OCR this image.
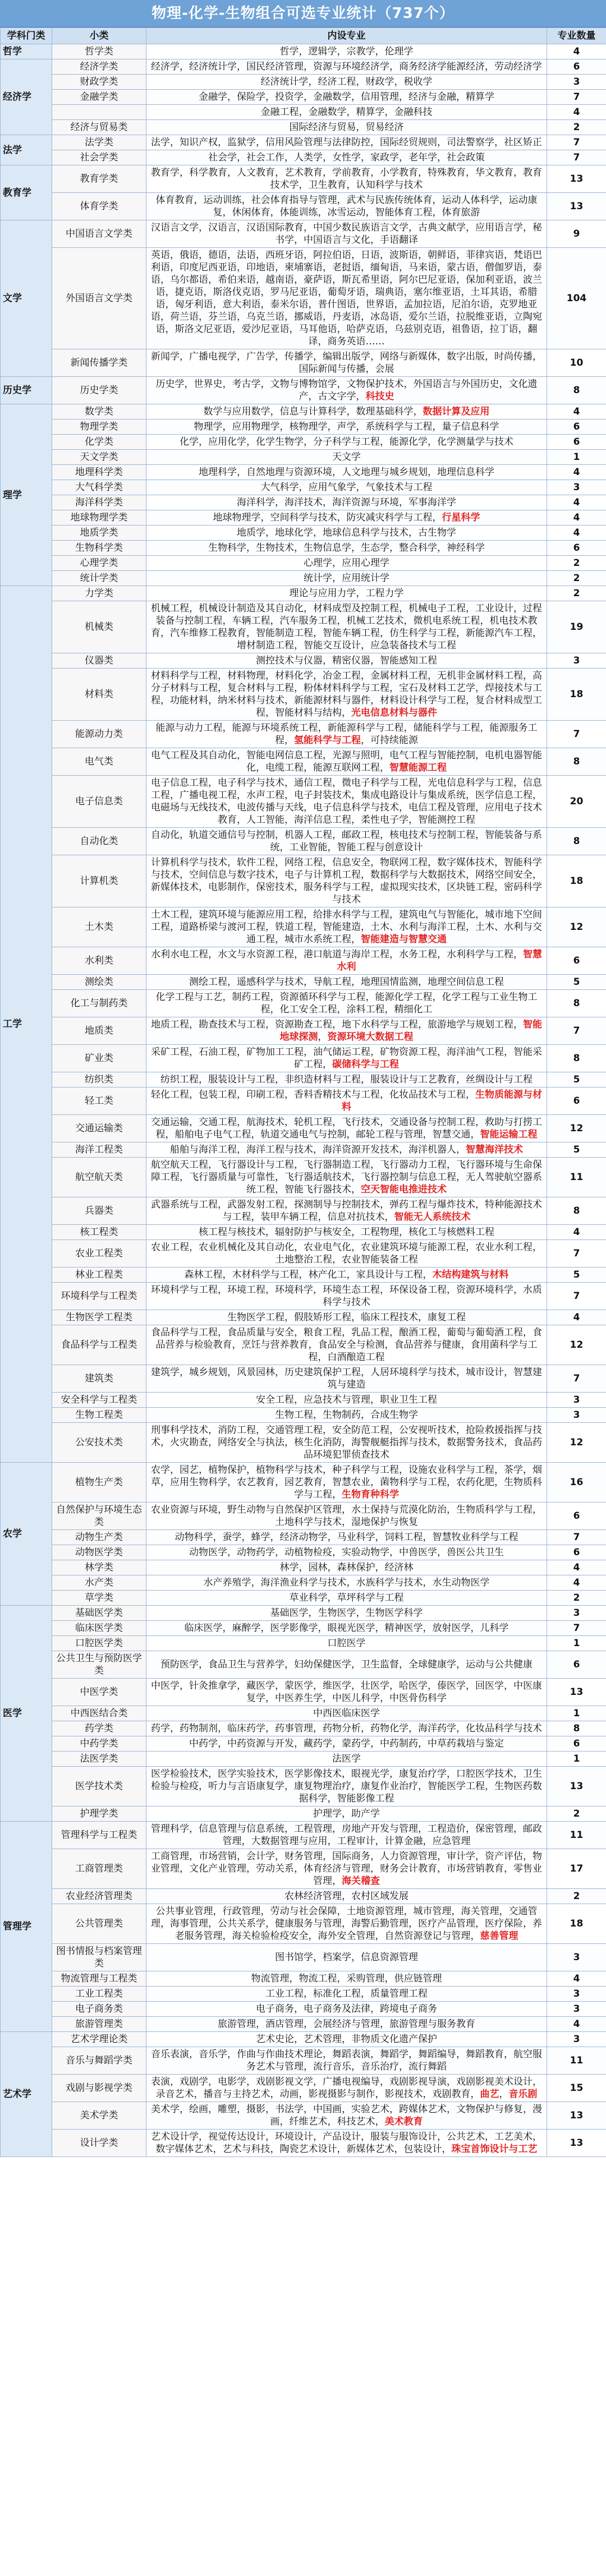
物理-化学-生物组合可选专业统计（737个）
学科门类	小类	内设专业	专业数量
哲学	哲学类	哲学，逻辑学，宗教学，伦理学	4
经济学	经济学类	经济学，经济统计学，国民经济管理，资源与环境经济学，商务经济学能源经济，劳动经济学	6
	财政学类	经济统计学，经济工程，财政学，税收学	3
	金融学类	金融学，保险学，投资学，金融数学，信用管理，经济与金融，精算学	7
		金融工程，金融数学，精算学，金融科技	4
	经济与贸易类	国际经济与贸易，贸易经济	2
法学	法学类	法学，知识产权，监狱学，信用风险管理与法律防控，国际经贸规则，司法警察学，社区矫正	7
	社会学类	社会学，社会工作，人类学，女性学，家政学，老年学，社会政策	7
教育学	教育学类	教育学，科学教育，人文教育，艺术教育，学前教育，小学教育，特殊教育，华文教育，教育技术学，卫生教育，认知科学与技术	13
	体育学类	体育教育，运动训练，社会体育指导与管理，武术与民族传统体育，运动人体科学，运动康复，休闲体育，体能训练，冰雪运动，智能体育工程，体育旅游	13
文学	中国语言文学类	汉语言文学，汉语言，汉语国际教育，中国少数民族语言文学，古典文献学，应用语言学，秘书学，中国语言与文化，手语翻译	9
	外国语言文学类	英语，俄语，德语，法语，西班牙语，阿拉伯语，日语，波斯语，朝鲜语，菲律宾语，梵语巴利语，印度尼西亚语，印地语，柬埔寨语，老挝语，缅甸语，马来语，蒙古语，僧伽罗语，泰语，乌尔都语，希伯来语，越南语，豪萨语，斯瓦希里语，阿尔巴尼亚语，保加利亚语，波兰语，捷克语，斯洛伐克语，罗马尼亚语，葡萄牙语，瑞典语，塞尔维亚语，土耳其语，希腊语，匈牙利语，意大利语，泰米尔语，普什图语，世界语，孟加拉语，尼泊尔语，克罗地亚语，荷兰语，芬兰语，乌克兰语，挪威语，丹麦语，冰岛语，爱尔兰语，拉脱维亚语，立陶宛语，斯洛文尼亚语，爱沙尼亚语，马耳他语，哈萨克语，乌兹别克语，祖鲁语，拉丁语，翻译，商务英语……	104
	新闻传播学类	新闻学，广播电视学，广告学，传播学，编辑出版学，网络与新媒体，数字出版，时尚传播，国际新闻与传播，会展	10
历史学	历史学类	历史学，世界史，考古学，文物与博物馆学，文物保护技术，外国语言与外国历史，文化遗产，古文字学，科技史	8
理学	数学类	数学与应用数学，信息与计算科学，数理基础科学，数据计算及应用	4
	物理学类	物理学，应用物理学，核物理学，声学，系统科学与工程，量子信息科学	6
	化学类	化学，应用化学，化学生物学，分子科学与工程，能源化学，化学测量学与技术	6
	天文学类	天文学	1
	地理科学类	地理科学，自然地理与资源环境，人文地理与城乡规划，地理信息科学	4
	大气科学类	大气科学，应用气象学，气象技术与工程	3
	海洋科学类	海洋科学，海洋技术，海洋资源与环境，军事海洋学	4
	地球物理学类	地球物理学，空间科学与技术，防灾减灾科学与工程，行星科学	4
	地质学类	地质学，地球化学，地球信息科学与技术，古生物学	4
	生物科学类	生物科学，生物技术，生物信息学，生态学，整合科学，神经科学	6
	心理学类	心理学，应用心理学	2
	统计学类	统计学，应用统计学	2
工学	力学类	理论与应用力学，工程力学	2
	机械类	机械工程，机械设计制造及其自动化，材料成型及控制工程，机械电子工程，工业设计，过程装备与控制工程，车辆工程，汽车服务工程，机械工艺技术，微机电系统工程，机电技术教育，汽车维修工程教育，智能制造工程，智能车辆工程，仿生科学与工程，新能源汽车工程，增材制造工程，智能交互设计，应急装备技术与工程	19
	仪器类	测控技术与仪器，精密仪器，智能感知工程	3
	材料类	材料科学与工程，材料物理，材料化学，冶金工程，金属材料工程，无机非金属材料工程，高分子材料与工程，复合材料与工程，粉体材料科学与工程，宝石及材料工艺学，焊接技术与工程，功能材料，纳米材料与技术，新能源材料与器件，材料设计科学与工程，复合材料成型工程，智能材料与结构，光电信息材料与器件	18
	能源动力类	能源与动力工程，能源与环境系统工程，新能源科学与工程，储能科学与工程，能源服务工程，氢能科学与工程，可持续能源	7
	电气类	电气工程及其自动化，智能电网信息工程，光源与照明，电气工程与智能控制，电机电器智能化，电缆工程，能源互联网工程，智慧能源工程	8
	电子信息类	电子信息工程，电子科学与技术，通信工程，微电子科学与工程，光电信息科学与工程，信息工程，广播电视工程，水声工程，电子封装技术，集成电路设计与集成系统，医学信息工程，电磁场与无线技术，电波传播与天线，电子信息科学与技术，电信工程及管理，应用电子技术教育，人工智能，海洋信息工程，柔性电子学，智能测控工程	20
	自动化类	自动化，轨道交通信号与控制，机器人工程，邮政工程，核电技术与控制工程，智能装备与系统，工业智能，智能工程与创意设计	8
	计算机类	计算机科学与技术，软件工程，网络工程，信息安全，物联网工程，数字媒体技术，智能科学与技术，空间信息与数字技术，电子与计算机工程，数据科学与大数据技术，网络空间安全，新媒体技术，电影制作，保密技术，服务科学与工程，虚拟现实技术，区块链工程，密码科学与技术	18
	土木类	土木工程，建筑环境与能源应用工程，给排水科学与工程，建筑电气与智能化，城市地下空间工程，道路桥梁与渡河工程，铁道工程，智能建造，土木、水利与海洋工程，土木、水利与交通工程，城市水系统工程，智能建造与智慧交通	12
	水利类	水利水电工程，水文与水资源工程，港口航道与海岸工程，水务工程，水利科学与工程，智慧水利	6
	测绘类	测绘工程，遥感科学与技术，导航工程，地理国情监测，地理空间信息工程	5
	化工与制药类	化学工程与工艺，制药工程，资源循环科学与工程，能源化学工程，化学工程与工业生物工程，化工安全工程，涂料工程，精细化工	8
	地质类	地质工程，勘查技术与工程，资源勘查工程，地下水科学与工程，旅游地学与规划工程，智能地球探测，资源环境大数据工程	7
	矿业类	采矿工程，石油工程，矿物加工工程，油气储运工程，矿物资源工程，海洋油气工程，智能采矿工程，碳储科学与工程	8
	纺织类	纺织工程，服装设计与工程，非织造材料与工程，服装设计与工艺教育，丝绸设计与工程	5
	轻工类	轻化工程，包装工程，印刷工程，香料香精技术与工程，化妆品技术与工程，生物质能源与材料	6
	交通运输类	交通运输，交通工程，航海技术，轮机工程，飞行技术，交通设备与控制工程，救助与打捞工程，船舶电子电气工程，轨道交通电气与控制，邮轮工程与管理，智慧交通，智能运输工程	12
	海洋工程类	船舶与海洋工程，海洋工程与技术，海洋资源开发技术，海洋机器人，智慧海洋技术	5
	航空航天类	航空航天工程，飞行器设计与工程，飞行器制造工程，飞行器动力工程，飞行器环境与生命保障工程，飞行器质量与可靠性，飞行器适航技术，飞行器控制与信息工程，无人驾驶航空器系统工程，智能飞行器技术，空天智能电推进技术	11
	兵器类	武器系统与工程，武器发射工程，探测制导与控制技术，弹药工程与爆炸技术，特种能源技术与工程，装甲车辆工程，信息对抗技术，智能无人系统技术	8
	核工程类	核工程与核技术，辐射防护与核安全，工程物理，核化工与核燃料工程	4
	农业工程类	农业工程，农业机械化及其自动化，农业电气化，农业建筑环境与能源工程，农业水利工程，土地整治工程，农业智能装备工程	7
	林业工程类	森林工程，木材科学与工程，林产化工，家具设计与工程，木结构建筑与材料	5
	环境科学与工程类	环境科学与工程，环境工程，环境科学，环境生态工程，环保设备工程，资源环境科学，水质科学与技术	7
	生物医学工程类	生物医学工程，假肢矫形工程，临床工程技术，康复工程	4
	食品科学与工程类	食品科学与工程，食品质量与安全，粮食工程，乳品工程，酿酒工程，葡萄与葡萄酒工程，食品营养与检验教育，烹饪与营养教育，食品安全与检测，食品营养与健康，食用菌科学与工程，白酒酿造工程	12
	建筑类	建筑学，城乡规划，风景园林，历史建筑保护工程，人居环境科学与技术，城市设计，智慧建筑与建造	7
	安全科学与工程类	安全工程，应急技术与管理，职业卫生工程	3
	生物工程类	生物工程，生物制药，合成生物学	3
	公安技术类	刑事科学技术，消防工程，交通管理工程，安全防范工程，公安视听技术，抢险救援指挥与技术，火灾勘查，网络安全与执法，核生化消防，海警舰艇指挥与技术，数据警务技术，食品药品环境犯罪侦查技术	12
农学	植物生产类	农学，园艺，植物保护，植物科学与技术，种子科学与工程，设施农业科学与工程，茶学，烟草，应用生物科学，农艺教育，园艺教育，智慧农业，菌物科学与工程，农药化肥，生物质科学与工程，生物育种科学	16
	自然保护与环境生态类	农业资源与环境，野生动物与自然保护区管理，水土保持与荒漠化防治，生物质科学与工程，土地科学与技术，湿地保护与恢复	6
	动物生产类	动物科学，蚕学，蜂学，经济动物学，马业科学，饲料工程，智慧牧业科学与工程	7
	动物医学类	动物医学，动物药学，动植物检疫，实验动物学，中兽医学，兽医公共卫生	6
	林学类	林学，园林，森林保护，经济林	4
	水产类	水产养殖学，海洋渔业科学与技术，水族科学与技术，水生动物医学	4
	草学类	草业科学，草坪科学与工程	2
医学	基础医学类	基础医学，生物医学，生物医学科学	3
	临床医学类	临床医学，麻醉学，医学影像学，眼视光医学，精神医学，放射医学，儿科学	7
	口腔医学类	口腔医学	1
	公共卫生与预防医学类	预防医学，食品卫生与营养学，妇幼保健医学，卫生监督，全球健康学，运动与公共健康	6
	中医学类	中医学，针灸推拿学，藏医学，蒙医学，维医学，壮医学，哈医学，傣医学，回医学，中医康复学，中医养生学，中医儿科学，中医骨伤科学	13
	中西医结合类	中西医临床医学	1
	药学类	药学，药物制剂，临床药学，药事管理，药物分析，药物化学，海洋药学，化妆品科学与技术	8
	中药学类	中药学，中药资源与开发，藏药学，蒙药学，中药制药，中草药栽培与鉴定	6
	法医学类	法医学	1
	医学技术类	医学检验技术，医学实验技术，医学影像技术，眼视光学，康复治疗学，口腔医学技术，卫生检验与检疫，听力与言语康复学，康复物理治疗，康复作业治疗，智能医学工程，生物医药数据科学，智能影像工程	13
	护理学类	护理学，助产学	2
管理学	管理科学与工程类	管理科学，信息管理与信息系统，工程管理，房地产开发与管理，工程造价，保密管理，邮政管理，大数据管理与应用，工程审计，计算金融，应急管理	11
	工商管理类	工商管理，市场营销，会计学，财务管理，国际商务，人力资源管理，审计学，资产评估，物业管理，文化产业管理，劳动关系，体育经济与管理，财务会计教育，市场营销教育，零售业管理，海关稽查	17
	农业经济管理类	农林经济管理，农村区域发展	2
	公共管理类	公共事业管理，行政管理，劳动与社会保障，土地资源管理，城市管理，海关管理，交通管理，海事管理，公共关系学，健康服务与管理，海警后勤管理，医疗产品管理，医疗保险，养老服务管理，海关检验检疫安全，海外安全管理，自然资源登记与管理，慈善管理	18
	图书情报与档案管理类	图书馆学，档案学，信息资源管理	3
	物流管理与工程类	物流管理，物流工程，采购管理，供应链管理	4
	工业工程类	工业工程，标准化工程，质量管理工程	3
	电子商务类	电子商务，电子商务及法律，跨境电子商务	3
	旅游管理类	旅游管理，酒店管理，会展经济与管理，旅游管理与服务教育	4
艺术学	艺术学理论类	艺术史论，艺术管理，非物质文化遗产保护	3
	音乐与舞蹈学类	音乐表演，音乐学，作曲与作曲技术理论，舞蹈表演，舞蹈学，舞蹈编导，舞蹈教育，航空服务艺术与管理，流行音乐，音乐治疗，流行舞蹈	11
	戏剧与影视学类	表演，戏剧学，电影学，戏剧影视文学，广播电视编导，戏剧影视导演，戏剧影视美术设计，录音艺术，播音与主持艺术，动画，影视摄影与制作，影视技术，戏剧教育，曲艺，音乐剧	15
	美术学类	美术学，绘画，雕塑，摄影，书法学，中国画，实验艺术，跨媒体艺术，文物保护与修复，漫画，纤维艺术，科技艺术，美术教育	13
	设计学类	艺术设计学，视觉传达设计，环境设计，产品设计，服装与服饰设计，公共艺术，工艺美术，数字媒体艺术，艺术与科技，陶瓷艺术设计，新媒体艺术，包装设计，珠宝首饰设计与工艺	13
